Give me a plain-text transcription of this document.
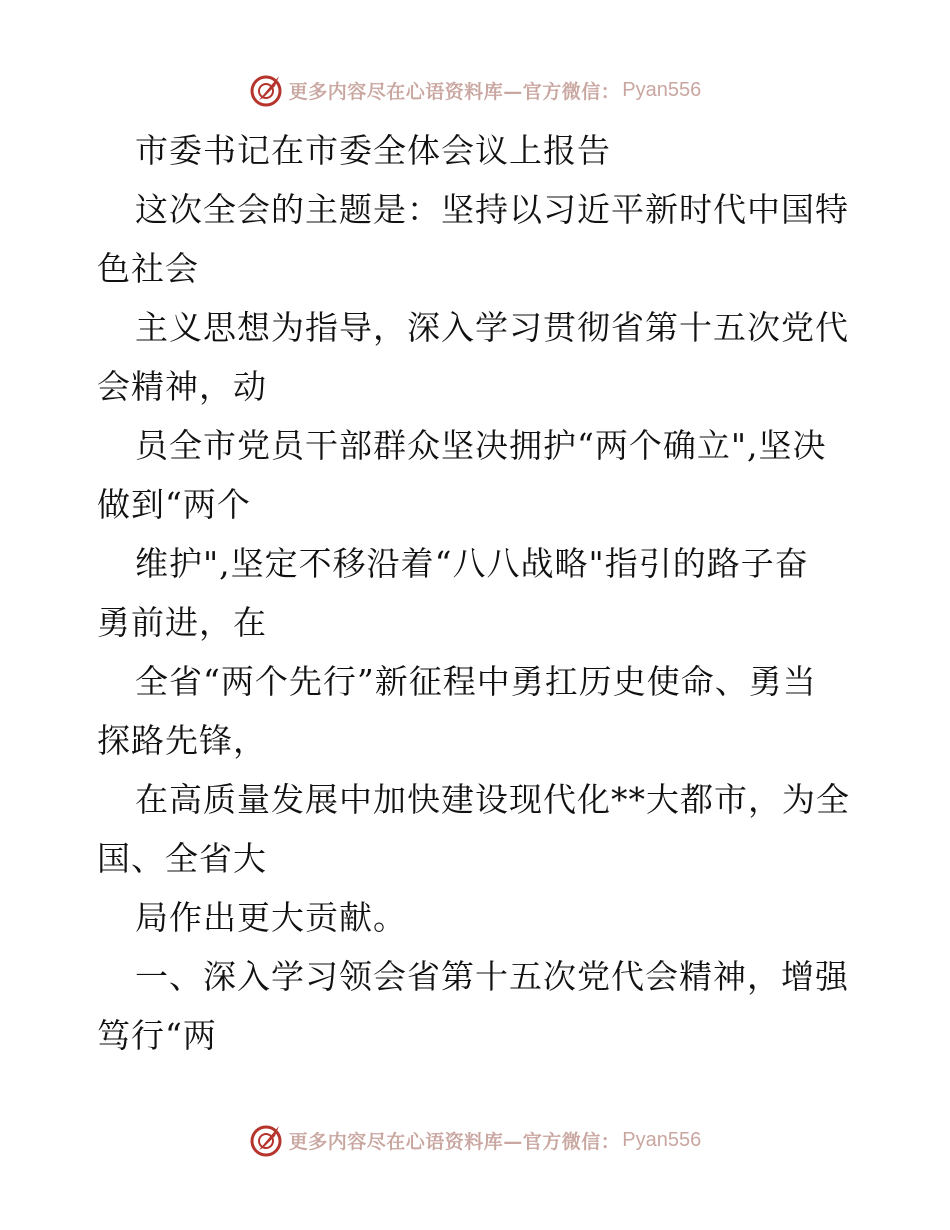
更多内容尽在心语资料库—官方微信： Pyan556
市委书记在市委全体会议上报告
这次全会的主题是：坚持以习近平新时代中国特
色社会
主义思想为指导，深入学习贯彻省第十五次党代
会精神，动
员全市党员干部群众坚决拥护“两个确立",坚决
做到“两个
维护",坚定不移沿着“八八战略"指引的路子奋
勇前进，在
全省“两个先行”新征程中勇扛历史使命、勇当
探路先锋，
在高质量发展中加快建设现代化**大都市，为全
国、全省大
局作出更大贡献。
一、深入学习领会省第十五次党代会精神，增强
笃行“两
更多内容尽在心语资料库—官方微信： Pyan556
